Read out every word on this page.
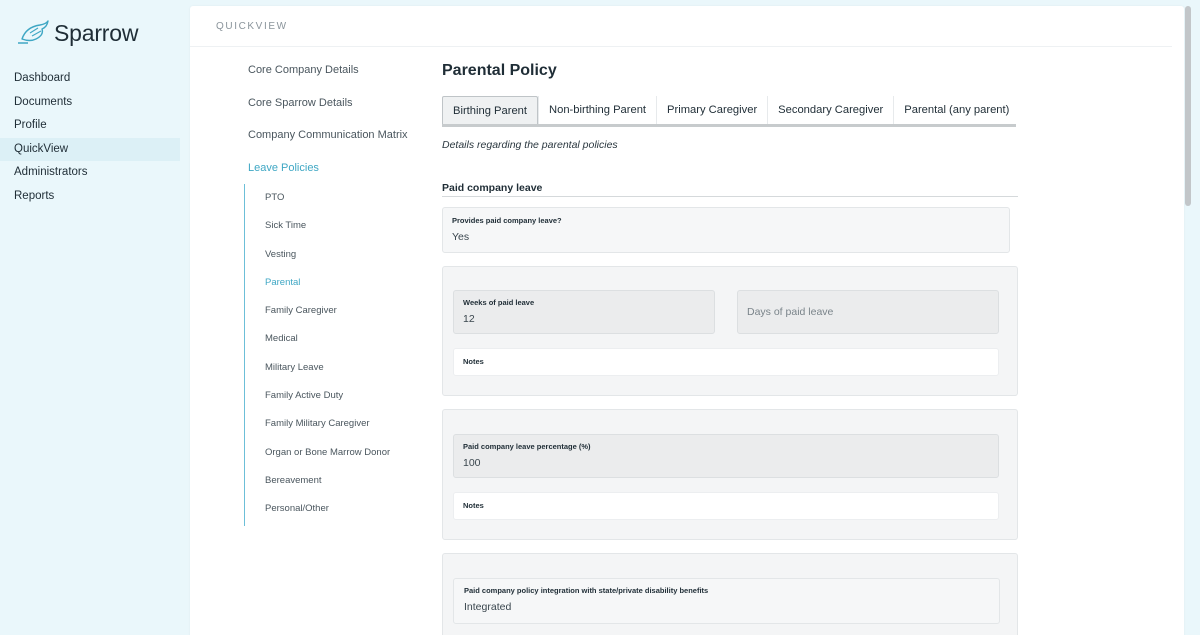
Sparrow
Dashboard
Documents
Profile
QuickView
Administrators
Reports
QUICKVIEW
Core Company Details
Core Sparrow Details
Company Communication Matrix
Leave Policies
PTO
Sick Time
Vesting
Parental
Family Caregiver
Medical
Military Leave
Family Active Duty
Family Military Caregiver
Organ or Bone Marrow Donor
Bereavement
Personal/Other
Parental Policy
Birthing Parent	Non-birthing Parent	Primary Caregiver	Secondary Caregiver	Parental (any parent)
Details regarding the parental policies
Paid company leave
Provides paid company leave?
Yes
Weeks of paid leave
12
Days of paid leave
Notes
Paid company leave percentage (%)
100
Notes
Paid company policy integration with state/private disability benefits
Integrated
